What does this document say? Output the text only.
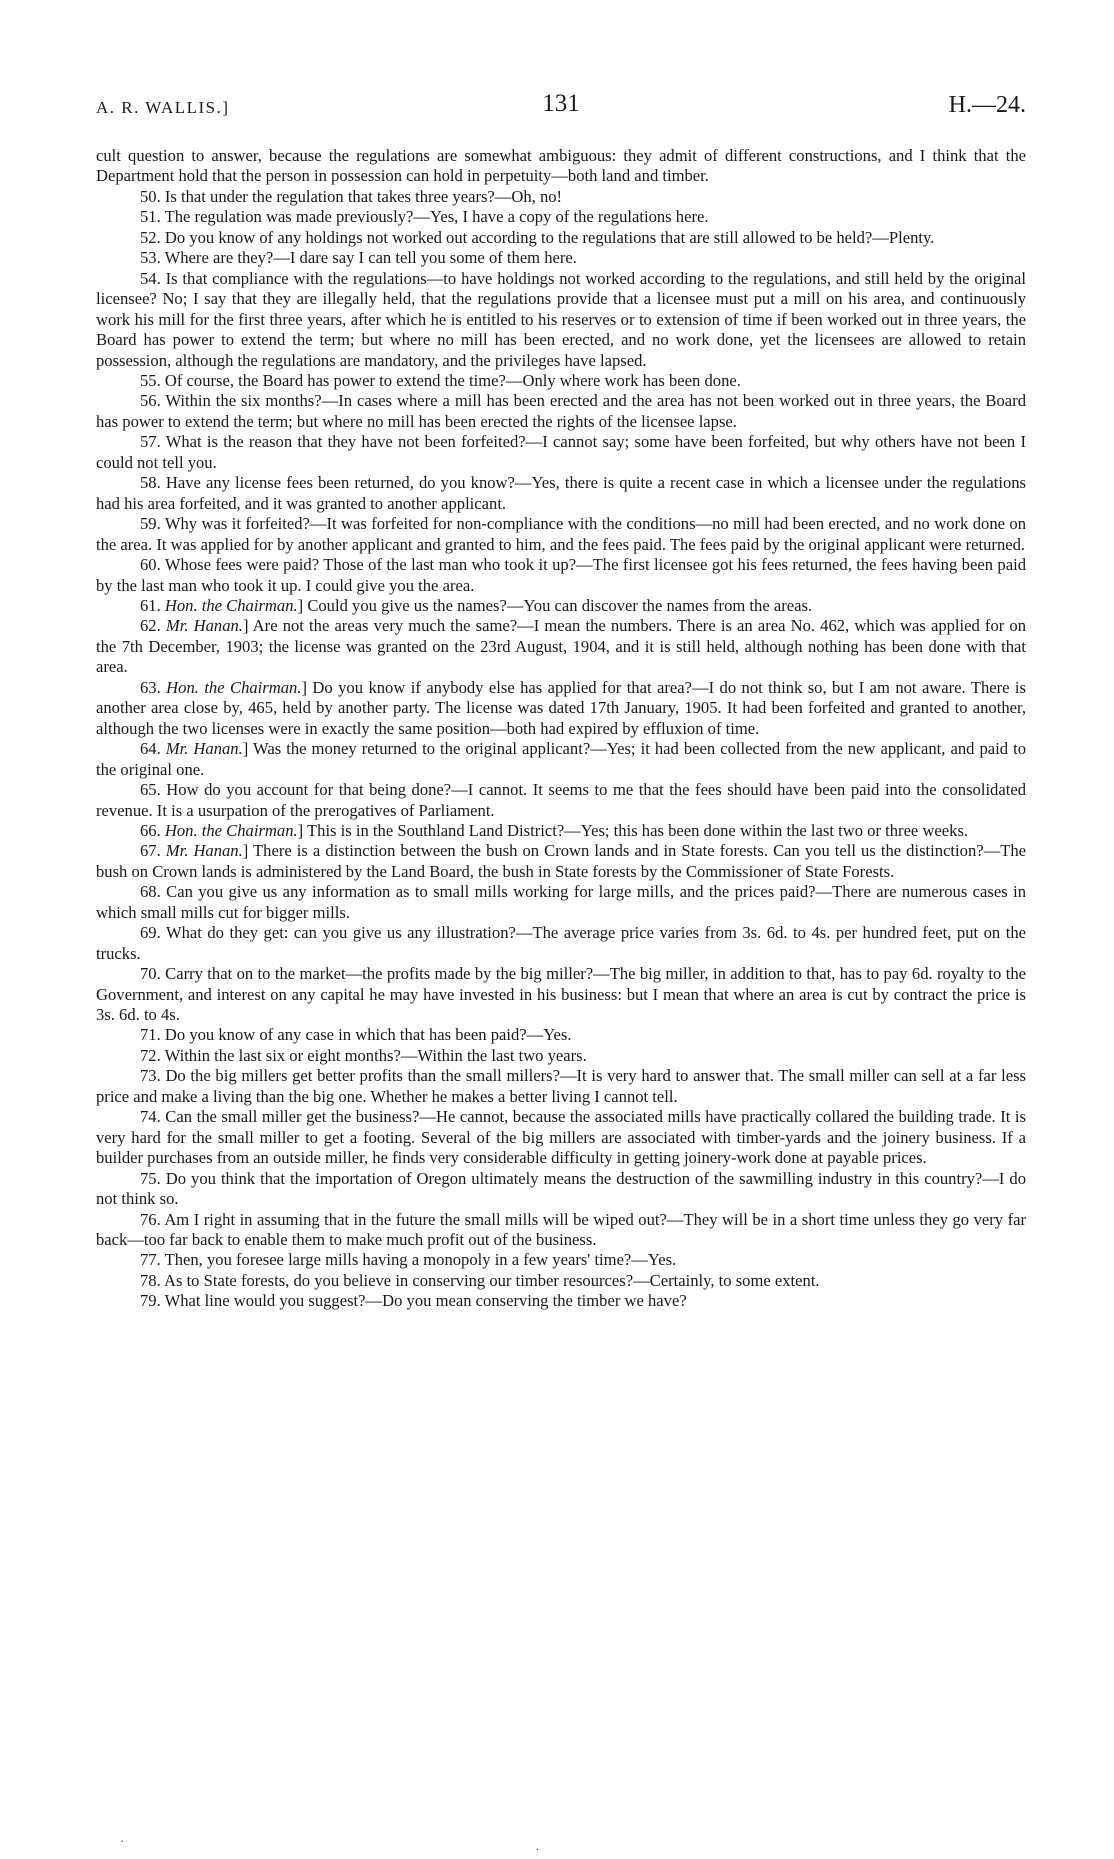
A. R. WALLIS.]	131	H.—24.

cult question to answer, because the regulations are somewhat ambiguous: they admit of different constructions, and I think that the Department hold that the person in possession can hold in perpetuity—both land and timber.

50. Is that under the regulation that takes three years?—Oh, no!

51. The regulation was made previously?—Yes, I have a copy of the regulations here.

52. Do you know of any holdings not worked out according to the regulations that are still allowed to be held?—Plenty.

53. Where are they?—I dare say I can tell you some of them here.

54. Is that compliance with the regulations—to have holdings not worked according to the regulations, and still held by the original licensee? No; I say that they are illegally held, that the regulations provide that a licensee must put a mill on his area, and continuously work his mill for the first three years, after which he is entitled to his reserves or to extension of time if been worked out in three years, the Board has power to extend the term; but where no mill has been erected, and no work done, yet the licensees are allowed to retain possession, although the regulations are mandatory, and the privileges have lapsed.

55. Of course, the Board has power to extend the time?—Only where work has been done.

56. Within the six months?—In cases where a mill has been erected and the area has not been worked out in three years, the Board has power to extend the term; but where no mill has been erected the rights of the licensee lapse.

57. What is the reason that they have not been forfeited?—I cannot say; some have been forfeited, but why others have not been I could not tell you.

58. Have any license fees been returned, do you know?—Yes, there is quite a recent case in which a licensee under the regulations had his area forfeited, and it was granted to another applicant.

59. Why was it forfeited?—It was forfeited for non-compliance with the conditions—no mill had been erected, and no work done on the area. It was applied for by another applicant and granted to him, and the fees paid. The fees paid by the original applicant were returned.

60. Whose fees were paid? Those of the last man who took it up?—The first licensee got his fees returned, the fees having been paid by the last man who took it up. I could give you the area.

61. Hon. the Chairman.] Could you give us the names?—You can discover the names from the areas.

62. Mr. Hanan.] Are not the areas very much the same?—I mean the numbers. There is an area No. 462, which was applied for on the 7th December, 1903; the license was granted on the 23rd August, 1904, and it is still held, although nothing has been done with that area.

63. Hon. the Chairman.] Do you know if anybody else has applied for that area?—I do not think so, but I am not aware. There is another area close by, 465, held by another party. The license was dated 17th January, 1905. It had been forfeited and granted to another, although the two licenses were in exactly the same position—both had expired by effluxion of time.

64. Mr. Hanan.] Was the money returned to the original applicant?—Yes; it had been collected from the new applicant, and paid to the original one.

65. How do you account for that being done?—I cannot. It seems to me that the fees should have been paid into the consolidated revenue. It is a usurpation of the prerogatives of Parliament.

66. Hon. the Chairman.] This is in the Southland Land District?—Yes; this has been done within the last two or three weeks.

67. Mr. Hanan.] There is a distinction between the bush on Crown lands and in State forests. Can you tell us the distinction?—The bush on Crown lands is administered by the Land Board, the bush in State forests by the Commissioner of State Forests.

68. Can you give us any information as to small mills working for large mills, and the prices paid?—There are numerous cases in which small mills cut for bigger mills.

69. What do they get: can you give us any illustration?—The average price varies from 3s. 6d. to 4s. per hundred feet, put on the trucks.

70. Carry that on to the market—the profits made by the big miller?—The big miller, in addition to that, has to pay 6d. royalty to the Government, and interest on any capital he may have invested in his business: but I mean that where an area is cut by contract the price is 3s. 6d. to 4s.

71. Do you know of any case in which that has been paid?—Yes.

72. Within the last six or eight months?—Within the last two years.

73. Do the big millers get better profits than the small millers?—It is very hard to answer that. The small miller can sell at a far less price and make a living than the big one. Whether he makes a better living I cannot tell.

74. Can the small miller get the business?—He cannot, because the associated mills have practically collared the building trade. It is very hard for the small miller to get a footing. Several of the big millers are associated with timber-yards and the joinery business. If a builder purchases from an outside miller, he finds very considerable difficulty in getting joinery-work done at payable prices.

75. Do you think that the importation of Oregon ultimately means the destruction of the sawmilling industry in this country?—I do not think so.

76. Am I right in assuming that in the future the small mills will be wiped out?—They will be in a short time unless they go very far back—too far back to enable them to make much profit out of the business.

77. Then, you foresee large mills having a monopoly in a few years' time?—Yes.

78. As to State forests, do you believe in conserving our timber resources?—Certainly, to some extent.

79. What line would you suggest?—Do you mean conserving the timber we have?

·
·
